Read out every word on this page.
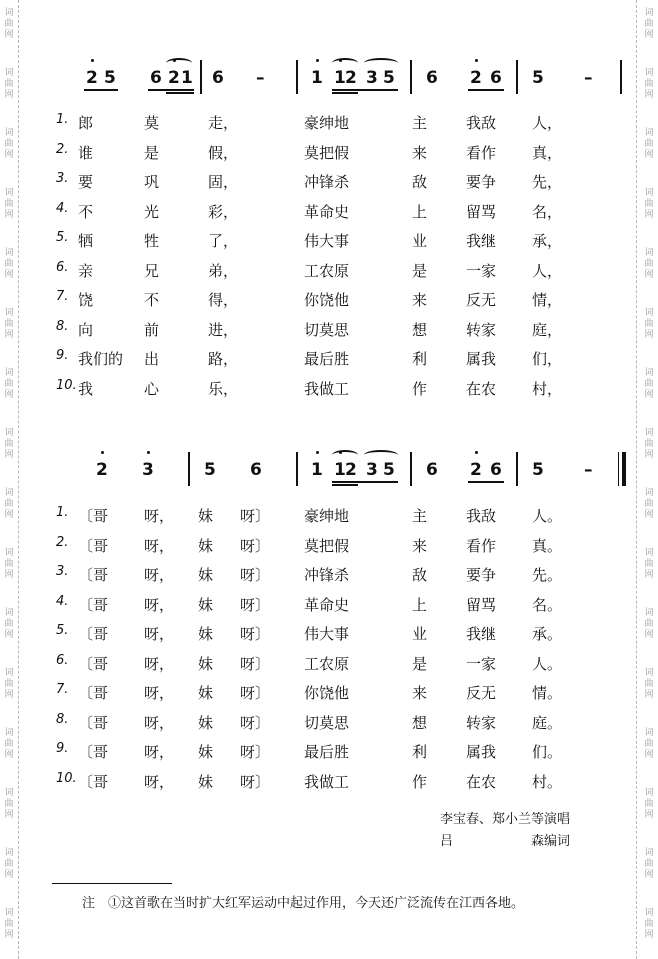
词
曲
网
词
曲
网
词
曲
网
词
曲
网
词
曲
网
词
曲
网
词
曲
网
词
曲
网
词
曲
网
词
曲
网
词
曲
网
词
曲
网
词
曲
网
词
曲
网
词
曲
网
词
曲
网
词
曲
网
词
曲
网
词
曲
网
词
曲
网
词
曲
网
词
曲
网
词
曲
网
词
曲
网
词
曲
网
词
曲
网
词
曲
网
词
曲
网
词
曲
网
词
曲
网
词
曲
网
词
曲
网
2 5 6 2 1 6 –	1 1 2 3 5 6 2 6 5 –
1. 郎	莫	走，	豪绅地	主	我敌 人，
2. 谁	是	假，	莫把假	来	看作 真，
3. 要	巩	固，	冲锋杀	敌	要争 先，
4. 不	光	彩，	革命史	上	留骂 名，
5. 牺	牲	了，	伟大事	业	我继 承，
6. 亲	兄	弟，	工农原	是	一家 人，
7. 饶	不	得，	你饶他	来	反无 情，
8. 向	前	进，	切莫思	想	转家 庭，
9. 我们的 出	路，	最后胜	利	属我 们，
10. 我	心	乐，	我做工	作	在农 村，
2 3	5 6	1 1 2 3 5 6 2 6 5 –
1. 〔哥 呀， 妹 呀〕 豪绅地	主	我敌 人。
2. 〔哥 呀， 妹 呀〕 莫把假	来	看作 真。
3. 〔哥 呀， 妹 呀〕 冲锋杀	敌	要争 先。
4. 〔哥 呀， 妹 呀〕 革命史	上	留骂 名。
5. 〔哥 呀， 妹 呀〕 伟大事	业	我继 承。
6. 〔哥 呀， 妹 呀〕 工农原	是	一家 人。
7. 〔哥 呀， 妹 呀〕 你饶他	来	反无 情。
8. 〔哥 呀， 妹 呀〕 切莫思	想	转家 庭。
9. 〔哥 呀， 妹 呀〕 最后胜	利	属我 们。
10. 〔哥 呀， 妹 呀〕 我做工	作	在农 村。
李宝春、郑小兰等演唱
吕　　　　　　森编词
注　①这首歌在当时扩大红军运动中起过作用，今天还广泛流传在江西各地。
